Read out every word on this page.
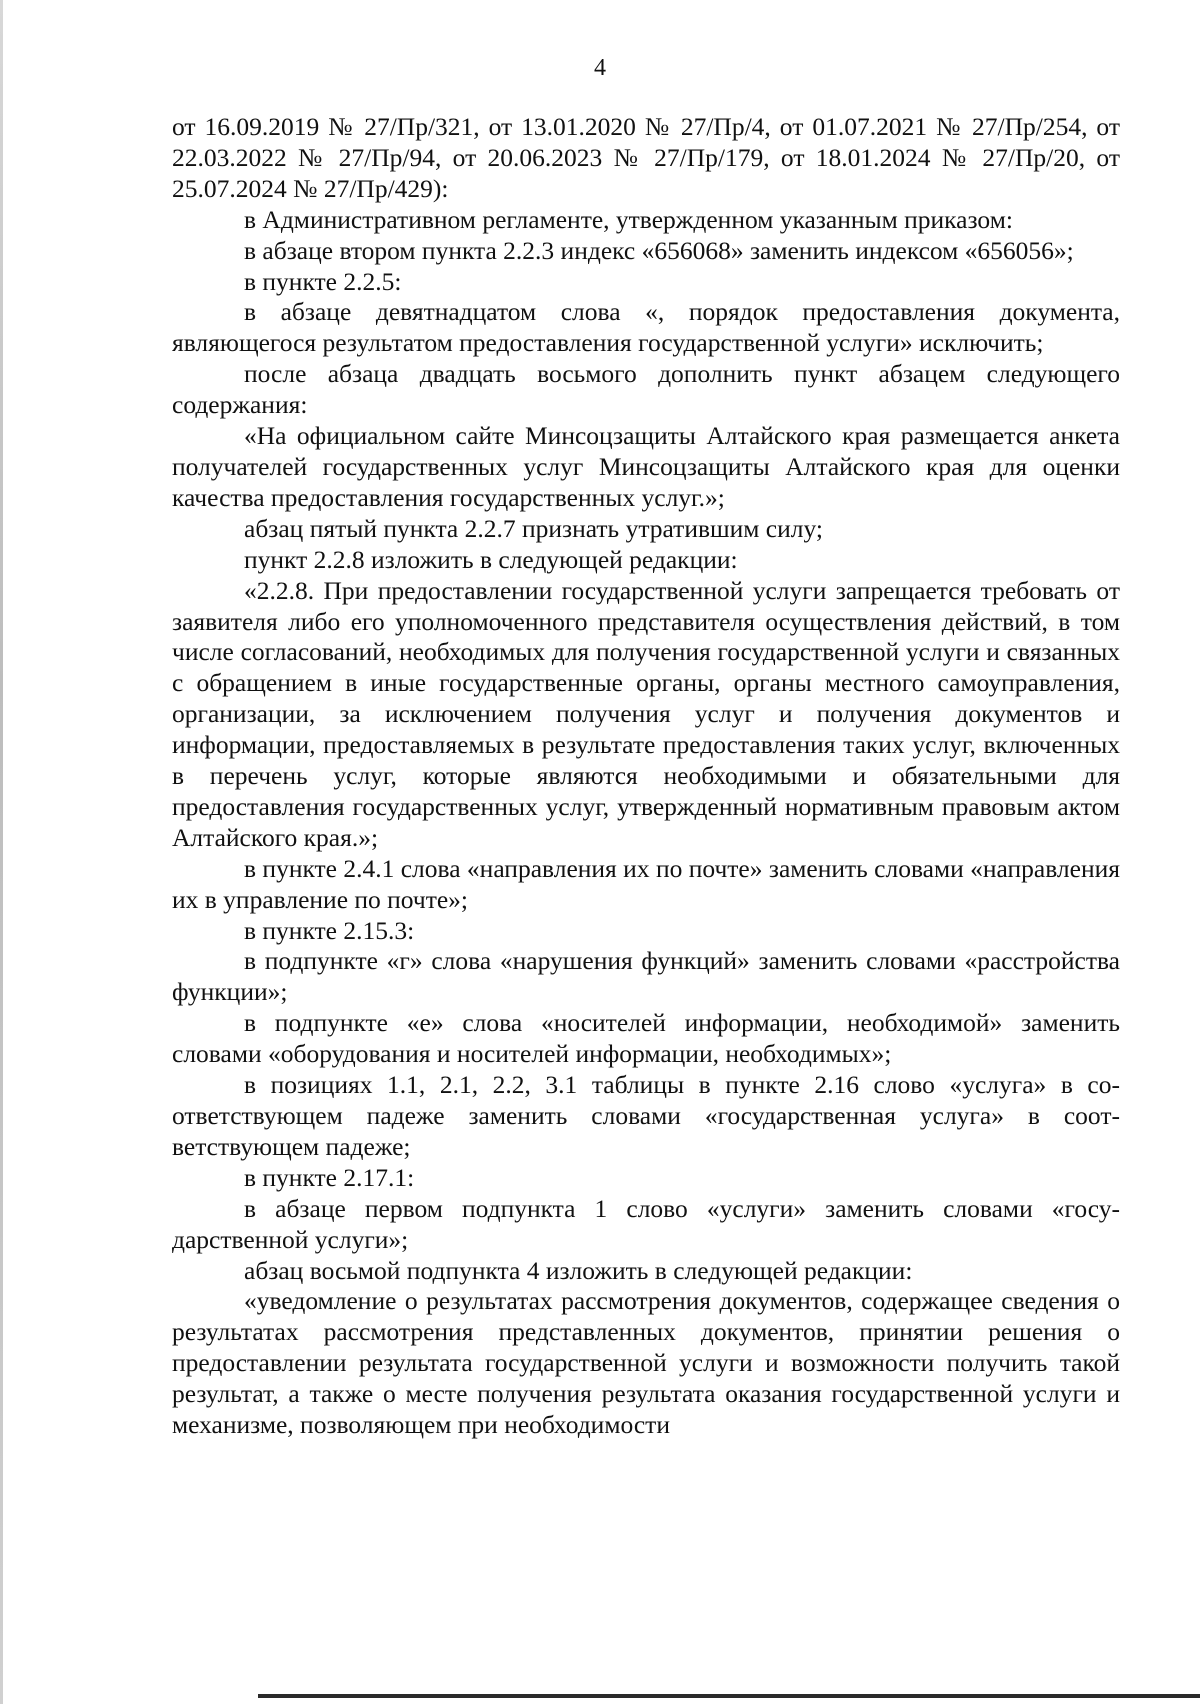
4

от 16.09.2019 № 27/Пр/321, от 13.01.2020 № 27/Пр/4, от 01.07.2021 № 27/Пр/254, от 22.03.2022 № 27/Пр/94, от 20.06.2023 № 27/Пр/179, от 18.01.2024 № 27/Пр/20, от 25.07.2024 № 27/Пр/429):

в Административном регламенте, утвержденном указанным приказом:

в абзаце втором пункта 2.2.3 индекс «656068» заменить индексом «656056»;

в пункте 2.2.5:

в абзаце девятнадцатом слова «, порядок предоставления документа, являющегося результатом предоставления государственной услуги» исключить;

после абзаца двадцать восьмого дополнить пункт абзацем следующего содержания:

«На официальном сайте Минсоцзащиты Алтайского края размещается анкета получателей государственных услуг Минсоцзащиты Алтайского края для оценки качества предоставления государственных услуг.»;

абзац пятый пункта 2.2.7 признать утратившим силу;

пункт 2.2.8 изложить в следующей редакции:

«2.2.8. При предоставлении государственной услуги запрещается требовать от заявителя либо его уполномоченного представителя осуществления действий, в том числе согласований, необходимых для получения государственной услуги и связанных с обращением в иные государственные органы, органы местного самоуправления, организации, за исключением получения услуг и получения документов и информации, предоставляемых в результате предоставления таких услуг, включенных в перечень услуг, которые являются необходимыми и обязательными для предоставления государственных услуг, утвержденный нормативным правовым актом Алтайского края.»;

в пункте 2.4.1 слова «направления их по почте» заменить словами «направления их в управление по почте»;

в пункте 2.15.3:

в подпункте «г» слова «нарушения функций» заменить словами «расстройства функции»;

в подпункте «е» слова «носителей информации, необходимой» заменить словами «оборудования и носителей информации, необходимых»;

в позициях 1.1, 2.1, 2.2, 3.1 таблицы в пункте 2.16 слово «услуга» в соответствующем падеже заменить словами «государственная услуга» в соответствующем падеже;

в пункте 2.17.1:

в абзаце первом подпункта 1 слово «услуги» заменить словами «государственной услуги»;

абзац восьмой подпункта 4 изложить в следующей редакции:

«уведомление о результатах рассмотрения документов, содержащее сведения о результатах рассмотрения представленных документов, принятии решения о предоставлении результата государственной услуги и возможности получить такой результат, а также о месте получения результата оказания государственной услуги и механизме, позволяющем при необходимости
